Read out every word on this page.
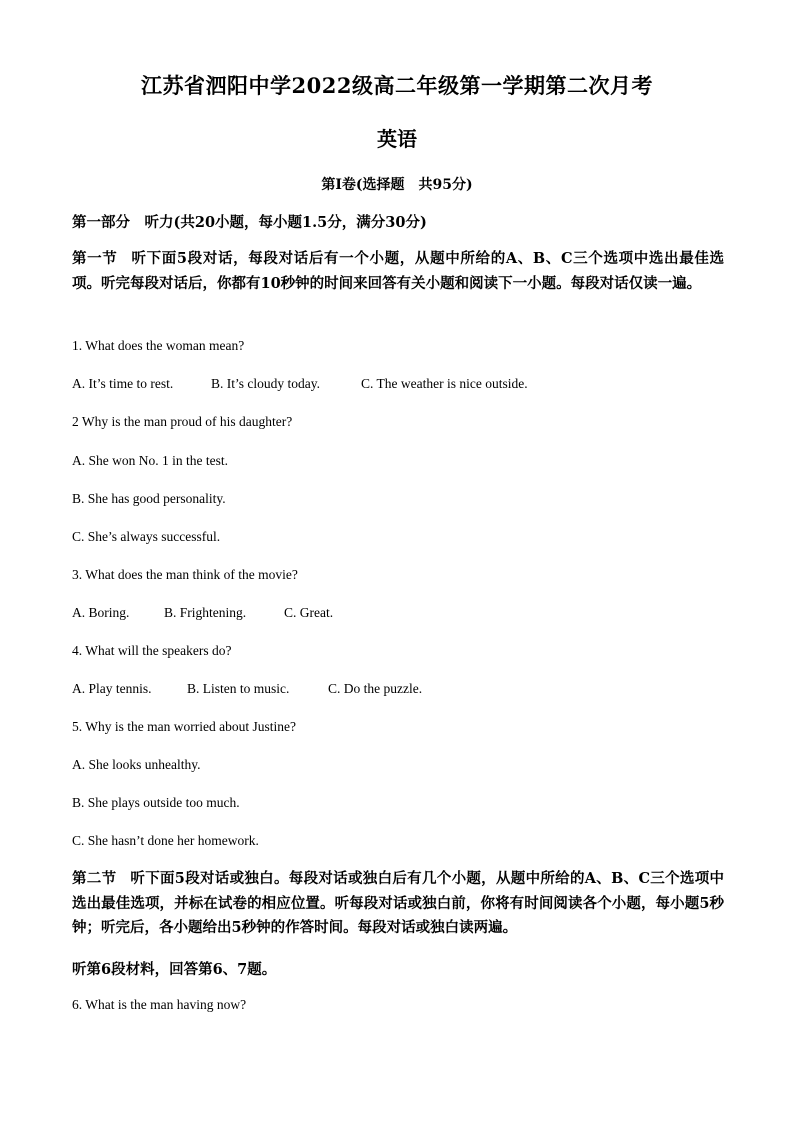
江苏省泗阳中学2022级高二年级第一学期第二次月考
英语
第I卷(选择题　共95分)
第一部分　听力(共20小题，每小题1.5分，满分30分)
第一节 听下面5段对话，每段对话后有一个小题，从题中所给的A、B、C三个选项中选出最佳选项。听完每段对话后，你都有10秒钟的时间来回答有关小题和阅读下一小题。每段对话仅读一遍。
1. What does the woman mean?
A. It’s time to rest.	B. It’s cloudy today.	C. The weather is nice outside.
2 Why is the man proud of his daughter?
A. She won No. 1 in the test.
B. She has good personality.
C. She’s always successful.
3. What does the man think of the movie?
A. Boring.	B. Frightening.	C. Great.
4. What will the speakers do?
A. Play tennis.	B. Listen to music.	C. Do the puzzle.
5. Why is the man worried about Justine?
A. She looks unhealthy.
B. She plays outside too much.
C. She hasn’t done her homework.
第二节 听下面5段对话或独白。每段对话或独白后有几个小题，从题中所给的A、B、C三个选项中选出最佳选项，并标在试卷的相应位置。听每段对话或独白前，你将有时间阅读各个小题，每小题5秒钟；听完后，各小题给出5秒钟的作答时间。每段对话或独白读两遍。
听第6段材料，回答第6、7题。
6. What is the man having now?
